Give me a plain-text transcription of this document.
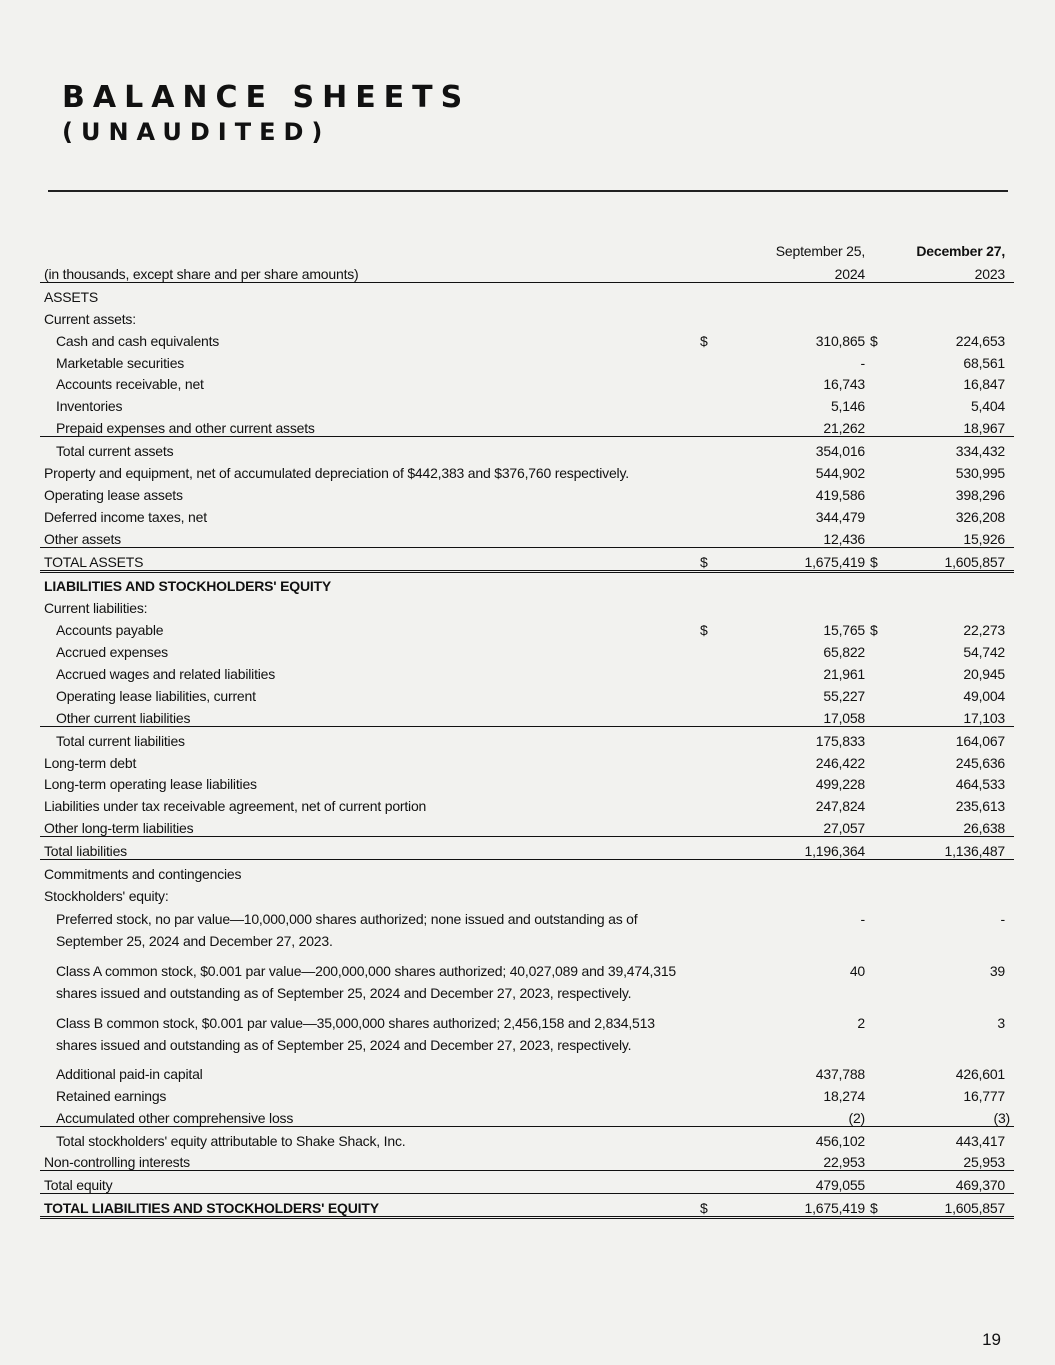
BALANCE SHEETS
(UNAUDITED)
	September 25,		December 27,	
(in thousands, except share and per share amounts)	2024		2023	
ASSETS				
Current assets:				
Cash and cash equivalents	$	310,865	$	224,653
Marketable securities		-		68,561
Accounts receivable, net		16,743		16,847
Inventories		5,146		5,404
Prepaid expenses and other current assets		21,262		18,967
Total current assets		354,016		334,432
Property and equipment, net of accumulated depreciation of $442,383 and $376,760 respectively.		544,902		530,995
Operating lease assets		419,586		398,296
Deferred income taxes, net		344,479		326,208
Other assets		12,436		15,926
TOTAL ASSETS	$	1,675,419	$	1,605,857
LIABILITIES AND STOCKHOLDERS' EQUITY				
Current liabilities:				
Accounts payable	$	15,765	$	22,273
Accrued expenses		65,822		54,742
Accrued wages and related liabilities		21,961		20,945
Operating lease liabilities, current		55,227		49,004
Other current liabilities		17,058		17,103
Total current liabilities		175,833		164,067
Long-term debt		246,422		245,636
Long-term operating lease liabilities		499,228		464,533
Liabilities under tax receivable agreement, net of current portion		247,824		235,613
Other long-term liabilities		27,057		26,638
Total liabilities		1,196,364		1,136,487
Commitments and contingencies				
Stockholders' equity:				
Preferred stock, no par value—10,000,000 shares authorized; none issued and outstanding as of September 25, 2024 and December 27, 2023.		-		-
Class A common stock, $0.001 par value—200,000,000 shares authorized; 40,027,089 and 39,474,315 shares issued and outstanding as of September 25, 2024 and December 27, 2023, respectively.		40		39
Class B common stock, $0.001 par value—35,000,000 shares authorized; 2,456,158 and 2,834,513 shares issued and outstanding as of September 25, 2024 and December 27, 2023, respectively.		2		3
Additional paid-in capital		437,788		426,601
Retained earnings		18,274		16,777
Accumulated other comprehensive loss		(2)		(3)
Total stockholders' equity attributable to Shake Shack, Inc.		456,102		443,417
Non-controlling interests		22,953		25,953
Total equity		479,055		469,370
TOTAL LIABILITIES AND STOCKHOLDERS' EQUITY	$	1,675,419	$	1,605,857
19
